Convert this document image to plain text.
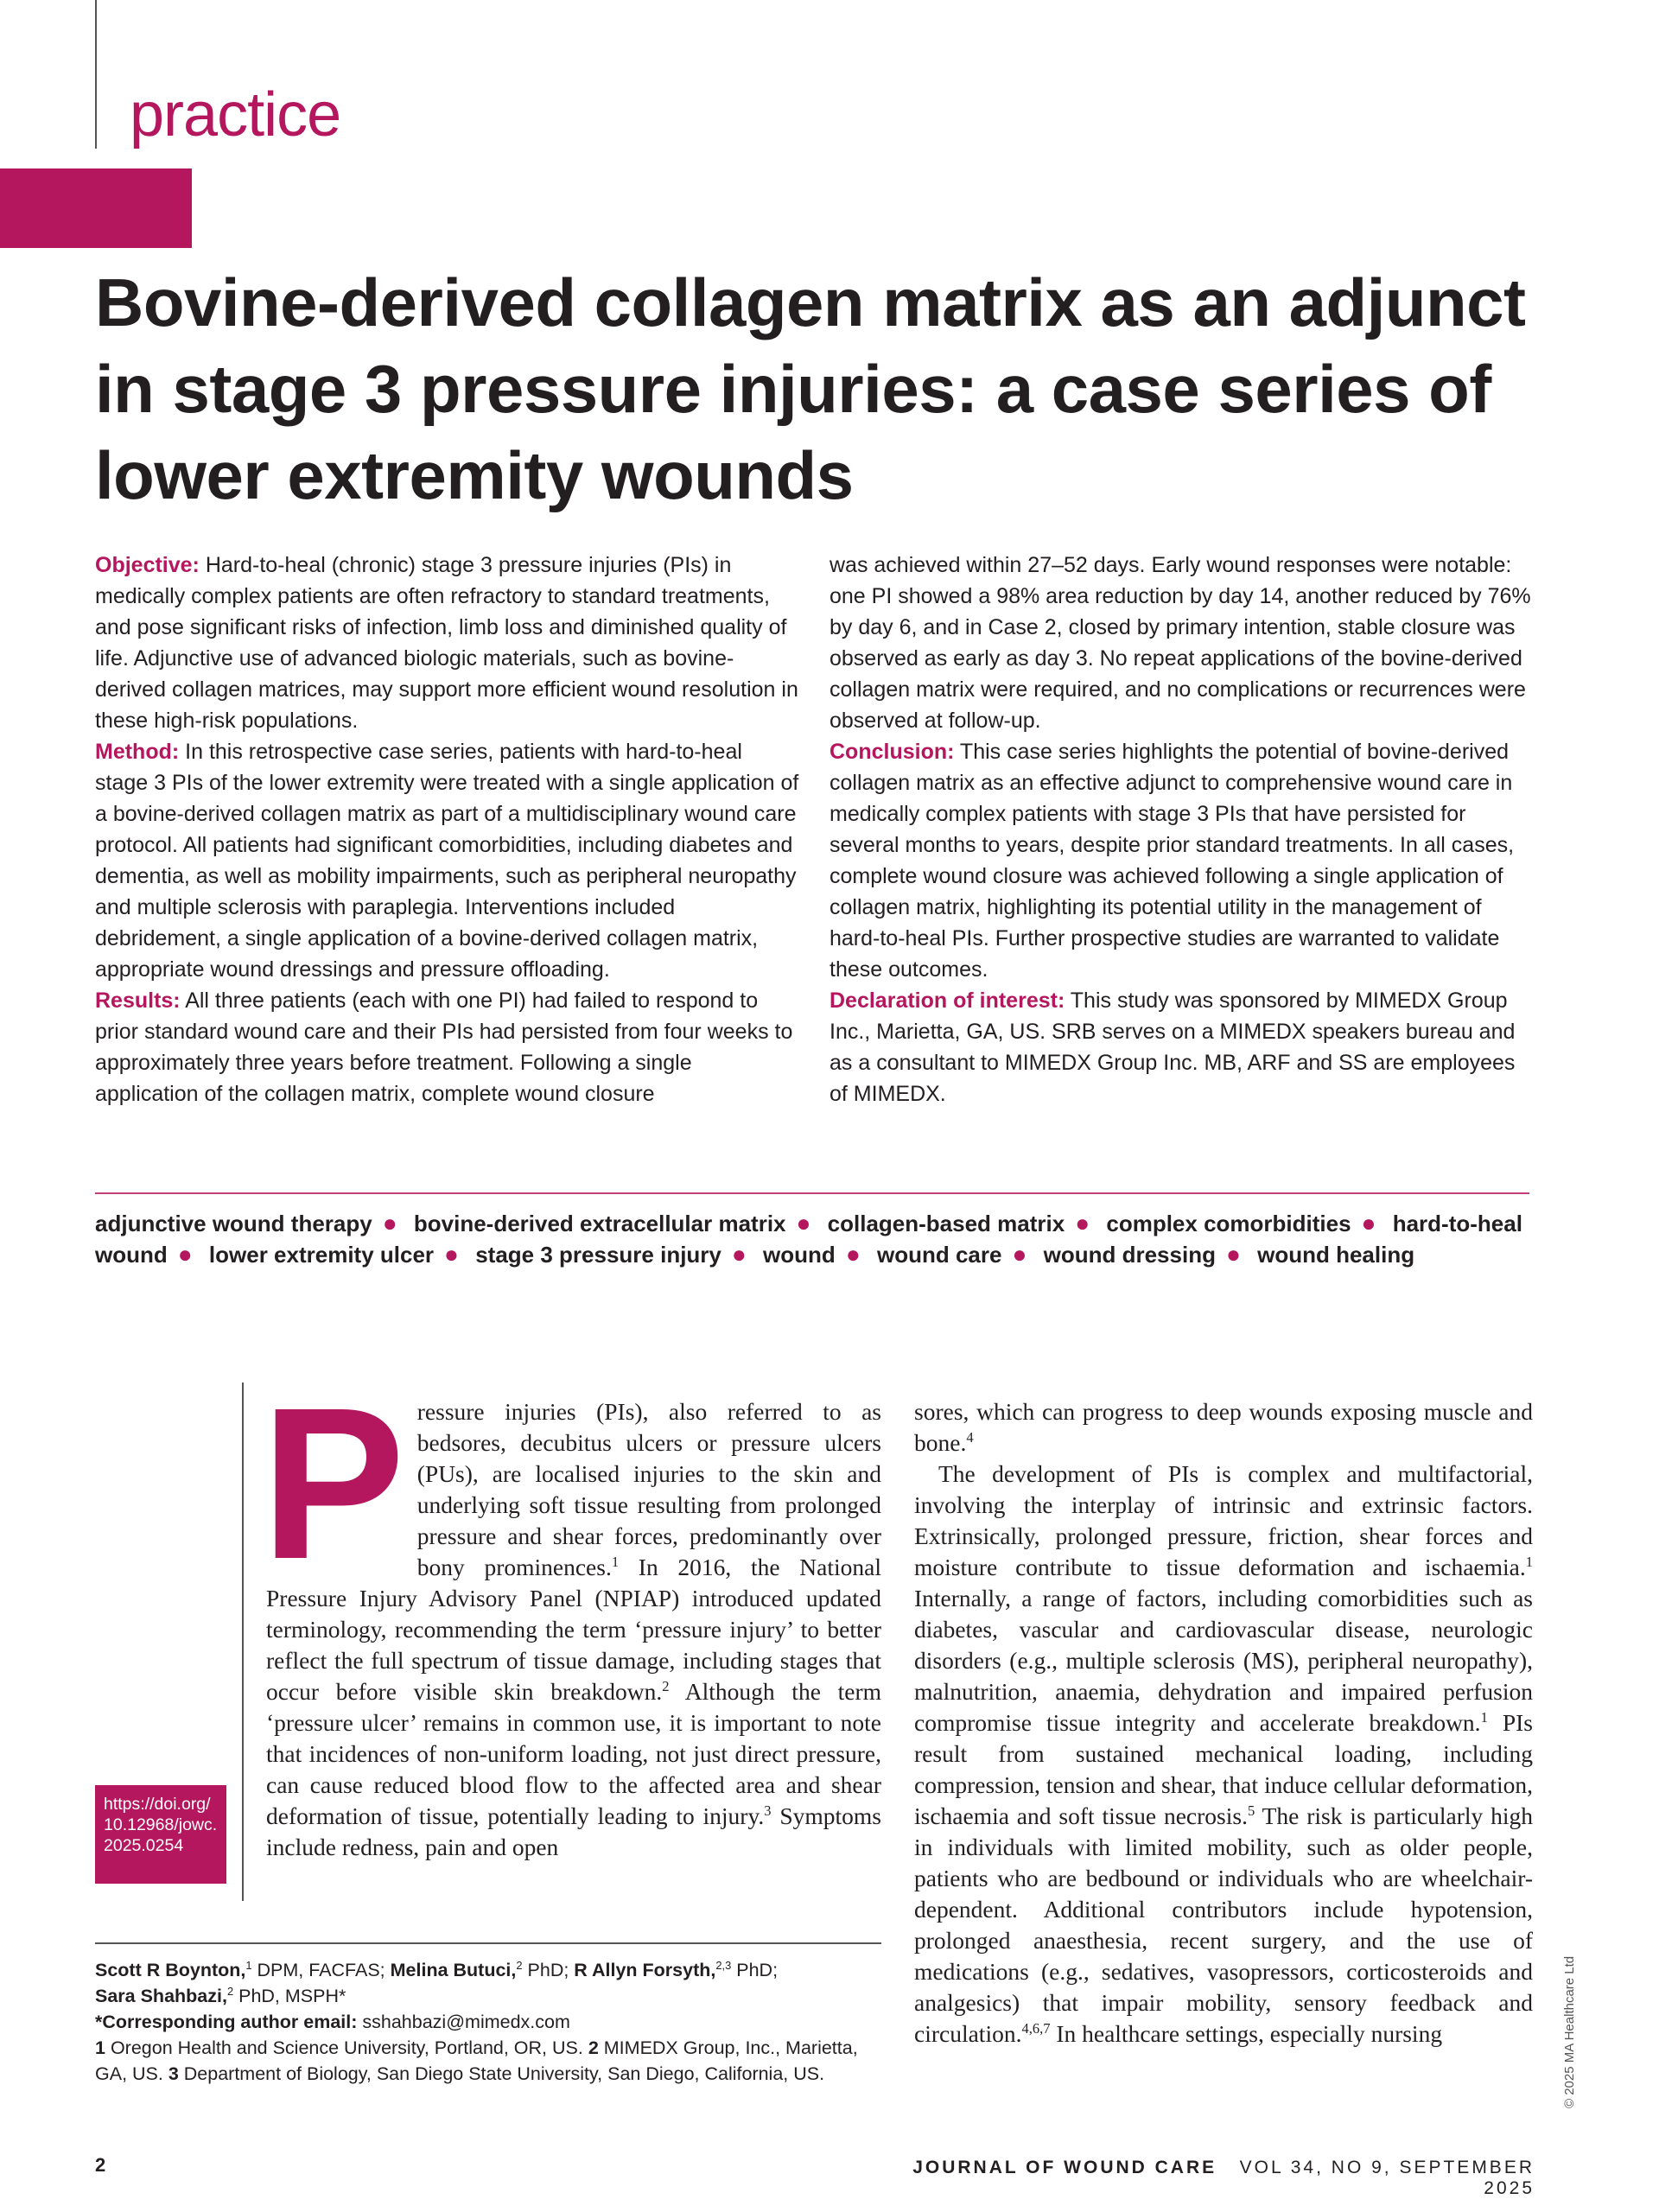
practice
Bovine-derived collagen matrix as an adjunct in stage 3 pressure injuries: a case series of lower extremity wounds

Objective: Hard-to-heal (chronic) stage 3 pressure injuries (PIs) in medically complex patients are often refractory to standard treatments, and pose significant risks of infection, limb loss and diminished quality of life. Adjunctive use of advanced biologic materials, such as bovine-derived collagen matrices, may support more efficient wound resolution in these high-risk populations.

Method: In this retrospective case series, patients with hard-to-heal stage 3 PIs of the lower extremity were treated with a single application of a bovine-derived collagen matrix as part of a multidisciplinary wound care protocol. All patients had significant comorbidities, including diabetes and dementia, as well as mobility impairments, such as peripheral neuropathy and multiple sclerosis with paraplegia. Interventions included debridement, a single application of a bovine-derived collagen matrix, appropriate wound dressings and pressure offloading.

Results: All three patients (each with one PI) had failed to respond to prior standard wound care and their PIs had persisted from four weeks to approximately three years before treatment. Following a single application of the collagen matrix, complete wound closure

was achieved within 27–52 days. Early wound responses were notable: one PI showed a 98% area reduction by day 14, another reduced by 76% by day 6, and in Case 2, closed by primary intention, stable closure was observed as early as day 3. No repeat applications of the bovine-derived collagen matrix were required, and no complications or recurrences were observed at follow-up.

Conclusion: This case series highlights the potential of bovine-derived collagen matrix as an effective adjunct to comprehensive wound care in medically complex patients with stage 3 PIs that have persisted for several months to years, despite prior standard treatments. In all cases, complete wound closure was achieved following a single application of collagen matrix, highlighting its potential utility in the management of hard-to-heal PIs. Further prospective studies are warranted to validate these outcomes.

Declaration of interest: This study was sponsored by MIMEDX Group Inc., Marietta, GA, US. SRB serves on a MIMEDX speakers bureau and as a consultant to MIMEDX Group Inc. MB, ARF and SS are employees of MIMEDX.

adjunctive wound therapy ● bovine-derived extracellular matrix ● collagen-based matrix ● complex comorbidities ● hard-to-heal wound ● lower extremity ulcer ● stage 3 pressure injury ● wound ● wound care ● wound dressing ● wound healing

Pressure injuries (PIs), also referred to as bedsores, decubitus ulcers or pressure ulcers (PUs), are localised injuries to the skin and underlying soft tissue resulting from prolonged pressure and shear forces, predominantly over bony prominences.$^1$ In 2016, the National Pressure Injury Advisory Panel (NPIAP) introduced updated terminology, recommending the term ‘pressure injury’ to better reflect the full spectrum of tissue damage, including stages that occur before visible skin breakdown.$^2$ Although the term ‘pressure ulcer’ remains in common use, it is important to note that incidences of non-uniform loading, not just direct pressure, can cause reduced blood flow to the affected area and shear deformation of tissue, potentially leading to injury.$^3$ Symptoms include redness, pain and open

sores, which can progress to deep wounds exposing muscle and bone.$^4$

The development of PIs is complex and multifactorial, involving the interplay of intrinsic and extrinsic factors. Extrinsically, prolonged pressure, friction, shear forces and moisture contribute to tissue deformation and ischaemia.$^1$ Internally, a range of factors, including comorbidities such as diabetes, vascular and cardiovascular disease, neurologic disorders (e.g., multiple sclerosis (MS), peripheral neuropathy), malnutrition, anaemia, dehydration and impaired perfusion compromise tissue integrity and accelerate breakdown.$^1$ PIs result from sustained mechanical loading, including compression, tension and shear, that induce cellular deformation, ischaemia and soft tissue necrosis.$^5$ The risk is particularly high in individuals with limited mobility, such as older people, patients who are bedbound or individuals who are wheelchair-dependent. Additional contributors include hypotension, prolonged anaesthesia, recent surgery, and the use of medications (e.g., sedatives, vasopressors, corticosteroids and analgesics) that impair mobility, sensory feedback and circulation.$^{4,6,7}$ In healthcare settings, especially nursing

https://doi.org/
10.12968/jowc.
2025.0254

Scott R Boynton,$^1$ DPM, FACFAS; Melina Butuci,$^2$ PhD; R Allyn Forsyth,$^{2,3}$ PhD;
Sara Shahbazi,$^2$ PhD, MSPH*

*Corresponding author email: sshahbazi@mimedx.com

1 Oregon Health and Science University, Portland, OR, US. 2 MIMEDX Group, Inc., Marietta, GA, US. 3 Department of Biology, San Diego State University, San Diego, California, US.	© 2025 MA Healthcare Ltd
2	JOURNAL OF WOUND CARE VOL 34, NO 9, SEPTEMBER 2025
